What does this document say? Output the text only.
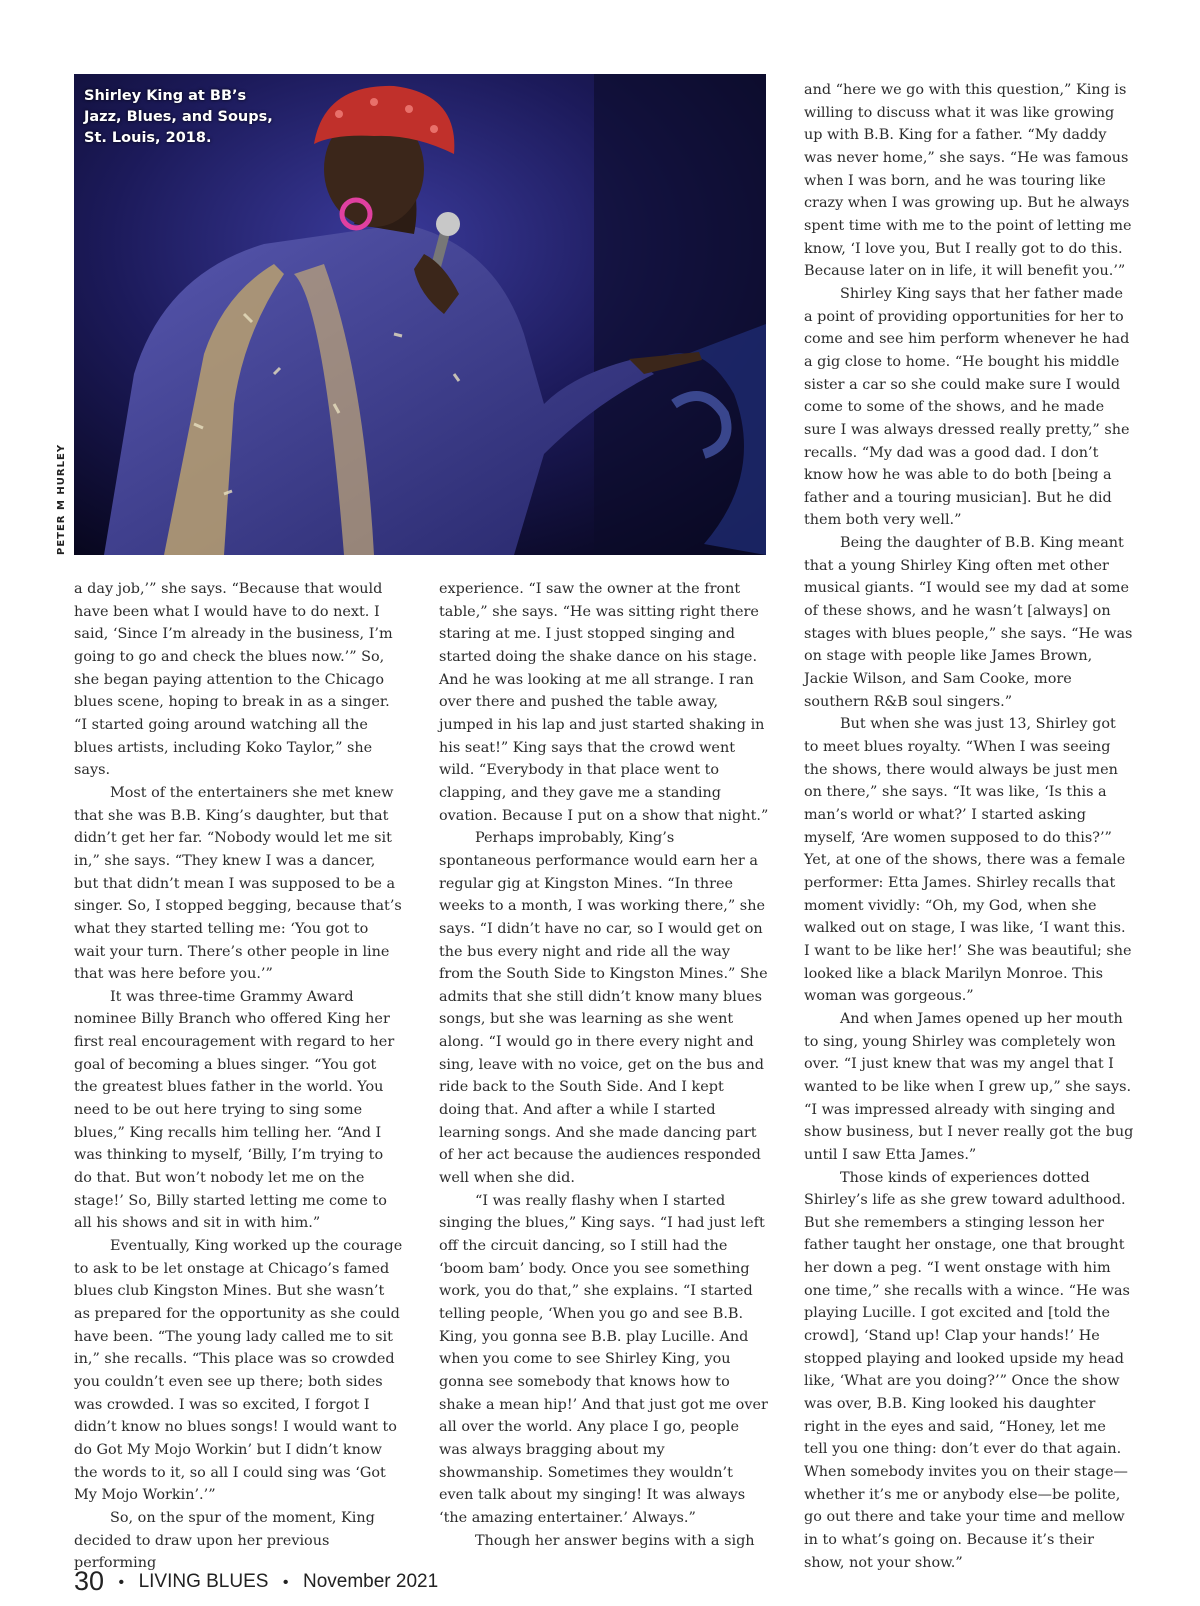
Shirley King at BB’s
Jazz, Blues, and Soups,
St. Louis, 2018.
PETER M HURLEY

a day job,’” she says. “Because that would have been what I would have to do next. I said, ‘Since I’m already in the business, I’m going to go and check the blues now.’” So, she began paying attention to the Chicago blues scene, hoping to break in as a singer. “I started going around watching all the blues artists, including Koko Taylor,” she says.

Most of the entertainers she met knew that she was B.B. King’s daughter, but that didn’t get her far. “Nobody would let me sit in,” she says. “They knew I was a dancer, but that didn’t mean I was supposed to be a singer. So, I stopped begging, because that’s what they started telling me: ‘You got to wait your turn. There’s other people in line that was here before you.’”

It was three-time Grammy Award nominee Billy Branch who offered King her first real encouragement with regard to her goal of becoming a blues singer. “You got the greatest blues father in the world. You need to be out here trying to sing some blues,” King recalls him telling her. “And I was thinking to myself, ‘Billy, I’m trying to do that. But won’t nobody let me on the stage!’ So, Billy started letting me come to all his shows and sit in with him.”

Eventually, King worked up the courage to ask to be let onstage at Chicago’s famed blues club Kingston Mines. But she wasn’t as prepared for the opportunity as she could have been. “The young lady called me to sit in,” she recalls. “This place was so crowded you couldn’t even see up there; both sides was crowded. I was so excited, I forgot I didn’t know no blues songs! I would want to do Got My Mojo Workin’ but I didn’t know the words to it, so all I could sing was ‘Got My Mojo Workin’.’”

So, on the spur of the moment, King decided to draw upon her previous performing

experience. “I saw the owner at the front table,” she says. “He was sitting right there staring at me. I just stopped singing and started doing the shake dance on his stage. And he was looking at me all strange. I ran over there and pushed the table away, jumped in his lap and just started shaking in his seat!” King says that the crowd went wild. “Everybody in that place went to clapping, and they gave me a standing ovation. Because I put on a show that night.”

Perhaps improbably, King’s spontaneous performance would earn her a regular gig at Kingston Mines. “In three weeks to a month, I was working there,” she says. “I didn’t have no car, so I would get on the bus every night and ride all the way from the South Side to Kingston Mines.” She admits that she still didn’t know many blues songs, but she was learning as she went along. “I would go in there every night and sing, leave with no voice, get on the bus and ride back to the South Side. And I kept doing that. And after a while I started learning songs. And she made dancing part of her act because the audiences responded well when she did.

“I was really flashy when I started singing the blues,” King says. “I had just left off the circuit dancing, so I still had the ‘boom bam’ body. Once you see something work, you do that,” she explains. “I started telling people, ‘When you go and see B.B. King, you gonna see B.B. play Lucille. And when you come to see Shirley King, you gonna see somebody that knows how to shake a mean hip!’ And that just got me over all over the world. Any place I go, people was always bragging about my showmanship. Sometimes they wouldn’t even talk about my singing! It was always ‘the amazing entertainer.’ Always.”

Though her answer begins with a sigh

and “here we go with this question,” King is willing to discuss what it was like growing up with B.B. King for a father. “My daddy was never home,” she says. “He was famous when I was born, and he was touring like crazy when I was growing up. But he always spent time with me to the point of letting me know, ‘I love you, But I really got to do this. Because later on in life, it will benefit you.’”

Shirley King says that her father made a point of providing opportunities for her to come and see him perform whenever he had a gig close to home. “He bought his middle sister a car so she could make sure I would come to some of the shows, and he made sure I was always dressed really pretty,” she recalls. “My dad was a good dad. I don’t know how he was able to do both [being a father and a touring musician]. But he did them both very well.”

Being the daughter of B.B. King meant that a young Shirley King often met other musical giants. “I would see my dad at some of these shows, and he wasn’t [always] on stages with blues people,” she says. “He was on stage with people like James Brown, Jackie Wilson, and Sam Cooke, more southern R&B soul singers.”

But when she was just 13, Shirley got to meet blues royalty. “When I was seeing the shows, there would always be just men on there,” she says. “It was like, ‘Is this a man’s world or what?’ I started asking myself, ‘Are women supposed to do this?’” Yet, at one of the shows, there was a female performer: Etta James. Shirley recalls that moment vividly: “Oh, my God, when she walked out on stage, I was like, ‘I want this. I want to be like her!’ She was beautiful; she looked like a black Marilyn Monroe. This woman was gorgeous.”

And when James opened up her mouth to sing, young Shirley was completely won over. “I just knew that was my angel that I wanted to be like when I grew up,” she says. “I was impressed already with singing and show business, but I never really got the bug until I saw Etta James.”

Those kinds of experiences dotted Shirley’s life as she grew toward adulthood. But she remembers a stinging lesson her father taught her onstage, one that brought her down a peg. “I went onstage with him one time,” she recalls with a wince. “He was playing Lucille. I got excited and [told the crowd], ‘Stand up! Clap your hands!’ He stopped playing and looked upside my head like, ‘What are you doing?’” Once the show was over, B.B. King looked his daughter right in the eyes and said, “Honey, let me tell you one thing: don’t ever do that again. When somebody invites you on their stage—whether it’s me or anybody else—be polite, go out there and take your time and mellow in to what’s going on. Because it’s their show, not your show.”

30 • LIVING BLUES • November 2021
